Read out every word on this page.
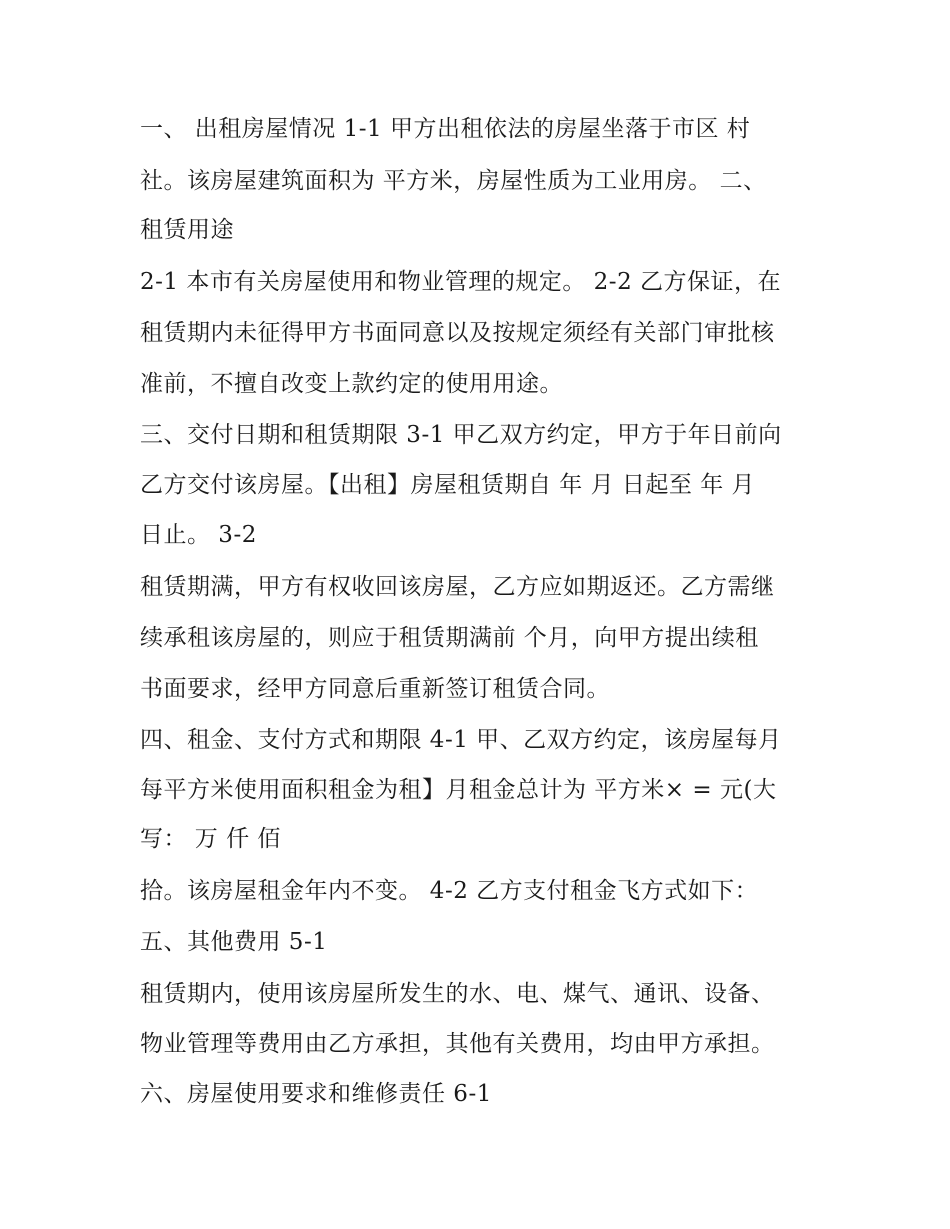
一、 出租房屋情况 1-1 甲方出租依法的房屋坐落于市区 村

社。该房屋建筑面积为 平方米，房屋性质为工业用房。 二、

租赁用途

2-1 本市有关房屋使用和物业管理的规定。 2-2 乙方保证，在

租赁期内未征得甲方书面同意以及按规定须经有关部门审批核

准前，不擅自改变上款约定的使用用途。

三、交付日期和租赁期限 3-1 甲乙双方约定，甲方于年日前向

乙方交付该房屋。【出租】房屋租赁期自 年 月 日起至 年 月

日止。 3-2

租赁期满，甲方有权收回该房屋，乙方应如期返还。乙方需继

续承租该房屋的，则应于租赁期满前 个月，向甲方提出续租

书面要求，经甲方同意后重新签订租赁合同。

四、租金、支付方式和期限 4-1 甲、乙双方约定，该房屋每月

每平方米使用面积租金为租】月租金总计为 平方米× = 元(大

写： 万 仟 佰

拾。该房屋租金年内不变。 4-2 乙方支付租金飞方式如下：

五、其他费用 5-1

租赁期内，使用该房屋所发生的水、电、煤气、通讯、设备、

物业管理等费用由乙方承担，其他有关费用，均由甲方承担。

六、房屋使用要求和维修责任 6-1
